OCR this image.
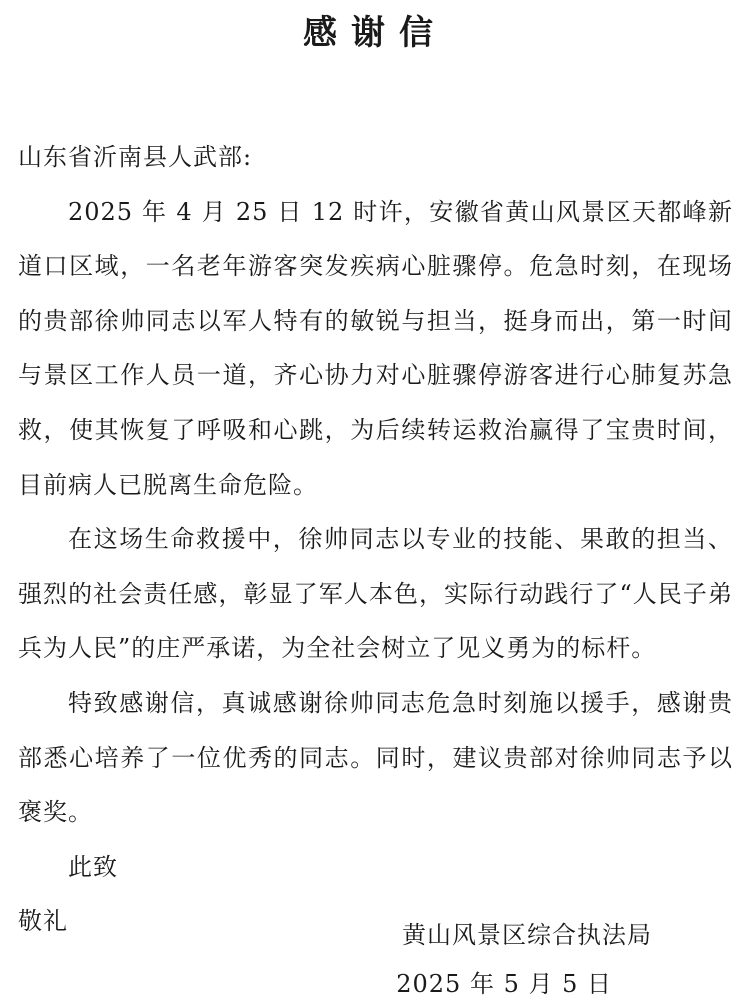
感谢信

山东省沂南县人武部:

2025 年 4 月 25 日 12 时许，安徽省黄山风景区天都峰新道口区域，一名老年游客突发疾病心脏骤停。危急时刻，在现场的贵部徐帅同志以军人特有的敏锐与担当，挺身而出，第一时间与景区工作人员一道，齐心协力对心脏骤停游客进行心肺复苏急救，使其恢复了呼吸和心跳，为后续转运救治赢得了宝贵时间，目前病人已脱离生命危险。

在这场生命救援中，徐帅同志以专业的技能、果敢的担当、强烈的社会责任感，彰显了军人本色，实际行动践行了“人民子弟兵为人民”的庄严承诺，为全社会树立了见义勇为的标杆。

特致感谢信，真诚感谢徐帅同志危急时刻施以援手，感谢贵部悉心培养了一位优秀的同志。同时，建议贵部对徐帅同志予以褒奖。

此致

敬礼	黄山风景区综合执法局
2025 年 5 月 5 日
